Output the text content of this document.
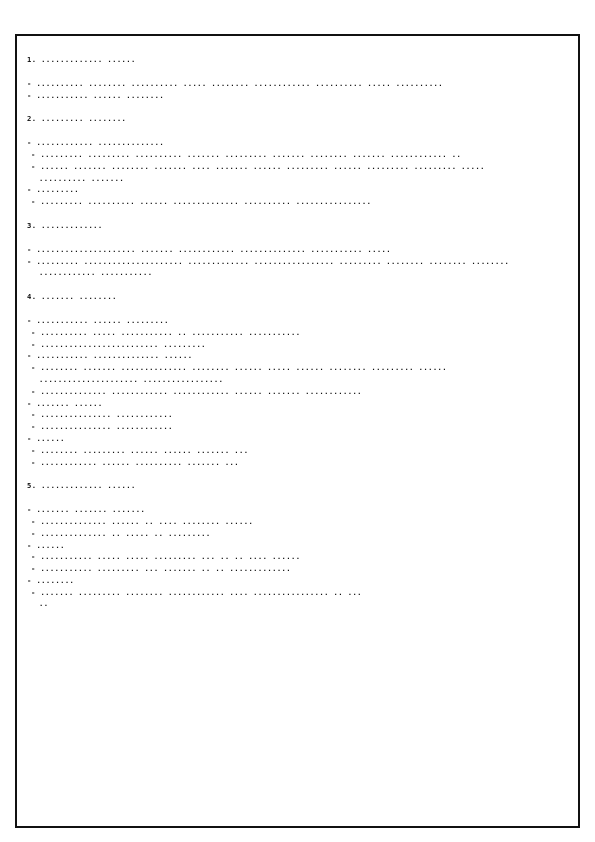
1. ............. ......
- .......... ........ .......... ..... ........ ............ .......... ..... ..........
- ........... ...... ........
2. ......... ........
- ............ ..............
- ......... ......... .......... ....... ......... ....... ........ ....... ............ ..
- ...... ....... ........ ....... .... ....... ...... ......... ...... ......... ......... .....
.......... .......
- .........
- ......... .......... ...... .............. .......... ................
3. .............
- ..................... ....... ............ .............. ........... .....
- ......... ..................... ............. ................. ......... ........ ........ ........
............ ...........
4. ....... ........
- ........... ...... .........
- .......... ..... ........... .. ........... ...........
- ......................... .........
- ........... .............. ......
- ........ ....... .............. ........ ...... ..... ...... ........ ......... ......
..................... .................
- .............. ............ ............ ...... ....... ............
- ....... ......
- ............... ............
- ............... ............
- ......
- ........ ......... ...... ...... ....... ...
- ............ ...... .......... ....... ...
5. ............. ......
- ....... ....... .......
- .............. ...... .. .... ........ ......
- .............. .. ..... .. .........
- ......
- ........... ..... ..... ......... ... .. .. .... ......
- ........... ......... ... ....... .. .. .............
- ........
- ....... ......... ........ ............ .... ................ .. ...
..
